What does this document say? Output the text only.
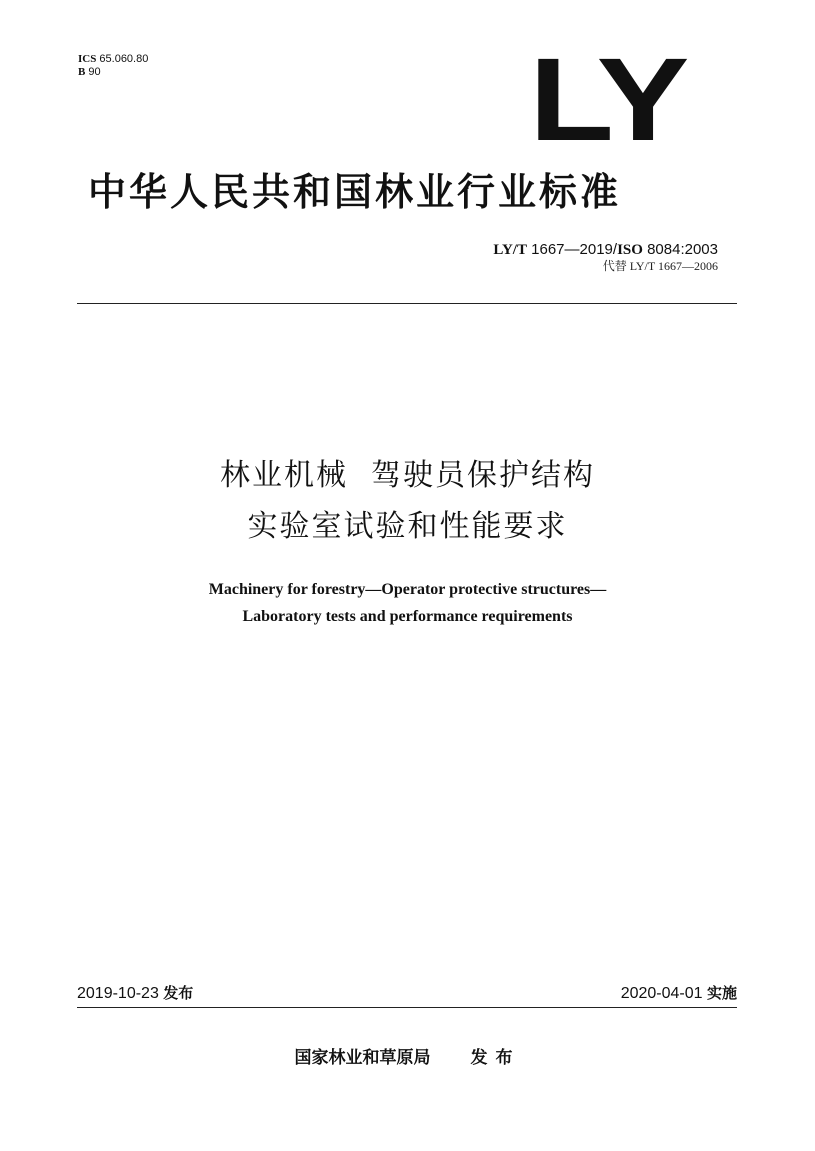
ICS 65.060.80
B 90	LY
中华人民共和国林业行业标准
LY/T 1667—2019/ISO 8084:2003
代替 LY/T 1667—2006
林业机械  驾驶员保护结构
实验室试验和性能要求
Machinery for forestry—Operator protective structures—
Laboratory tests and performance requirements
2019-10-23 发布	2020-04-01 实施
国家林业和草原局 发布
